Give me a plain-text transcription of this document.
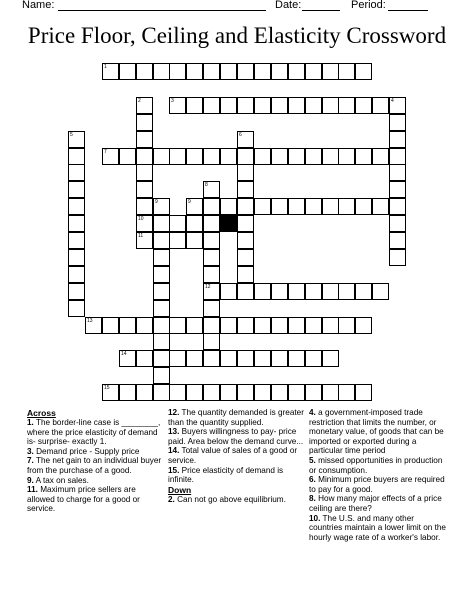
Name:	Date:	Period:
Price Floor, Ceiling and Elasticity Crossword
1
3
7
10
9
11
12
13
14
15
2	4
5	6
8
9
Across

1. The border-line case is ________, where the price elasticity of demand is- surprise- exactly 1.

3. Demand price - Supply price

7. The net gain to an individual buyer from the purchase of a good.

9. A tax on sales.

11. Maximum price sellers are allowed to charge for a good or service.

12. The quantity demanded is greater than the quantity supplied.

13. Buyers willingness to pay- price paid. Area below the demand curve...

14. Total value of sales of a good or service.

15. Price elasticity of demand is infinite.

Down

2. Can not go above equilibrium.

4. a government-imposed trade restriction that limits the number, or monetary value, of goods that can be imported or exported during a particular time period

5. missed opportunities in production or consumption.

6. Minimum price buyers are required to pay for a good.

8. How many major effects of a price ceiling are there?

10. The U.S. and many other countries maintain a lower limit on the hourly wage rate of a worker's labor.
